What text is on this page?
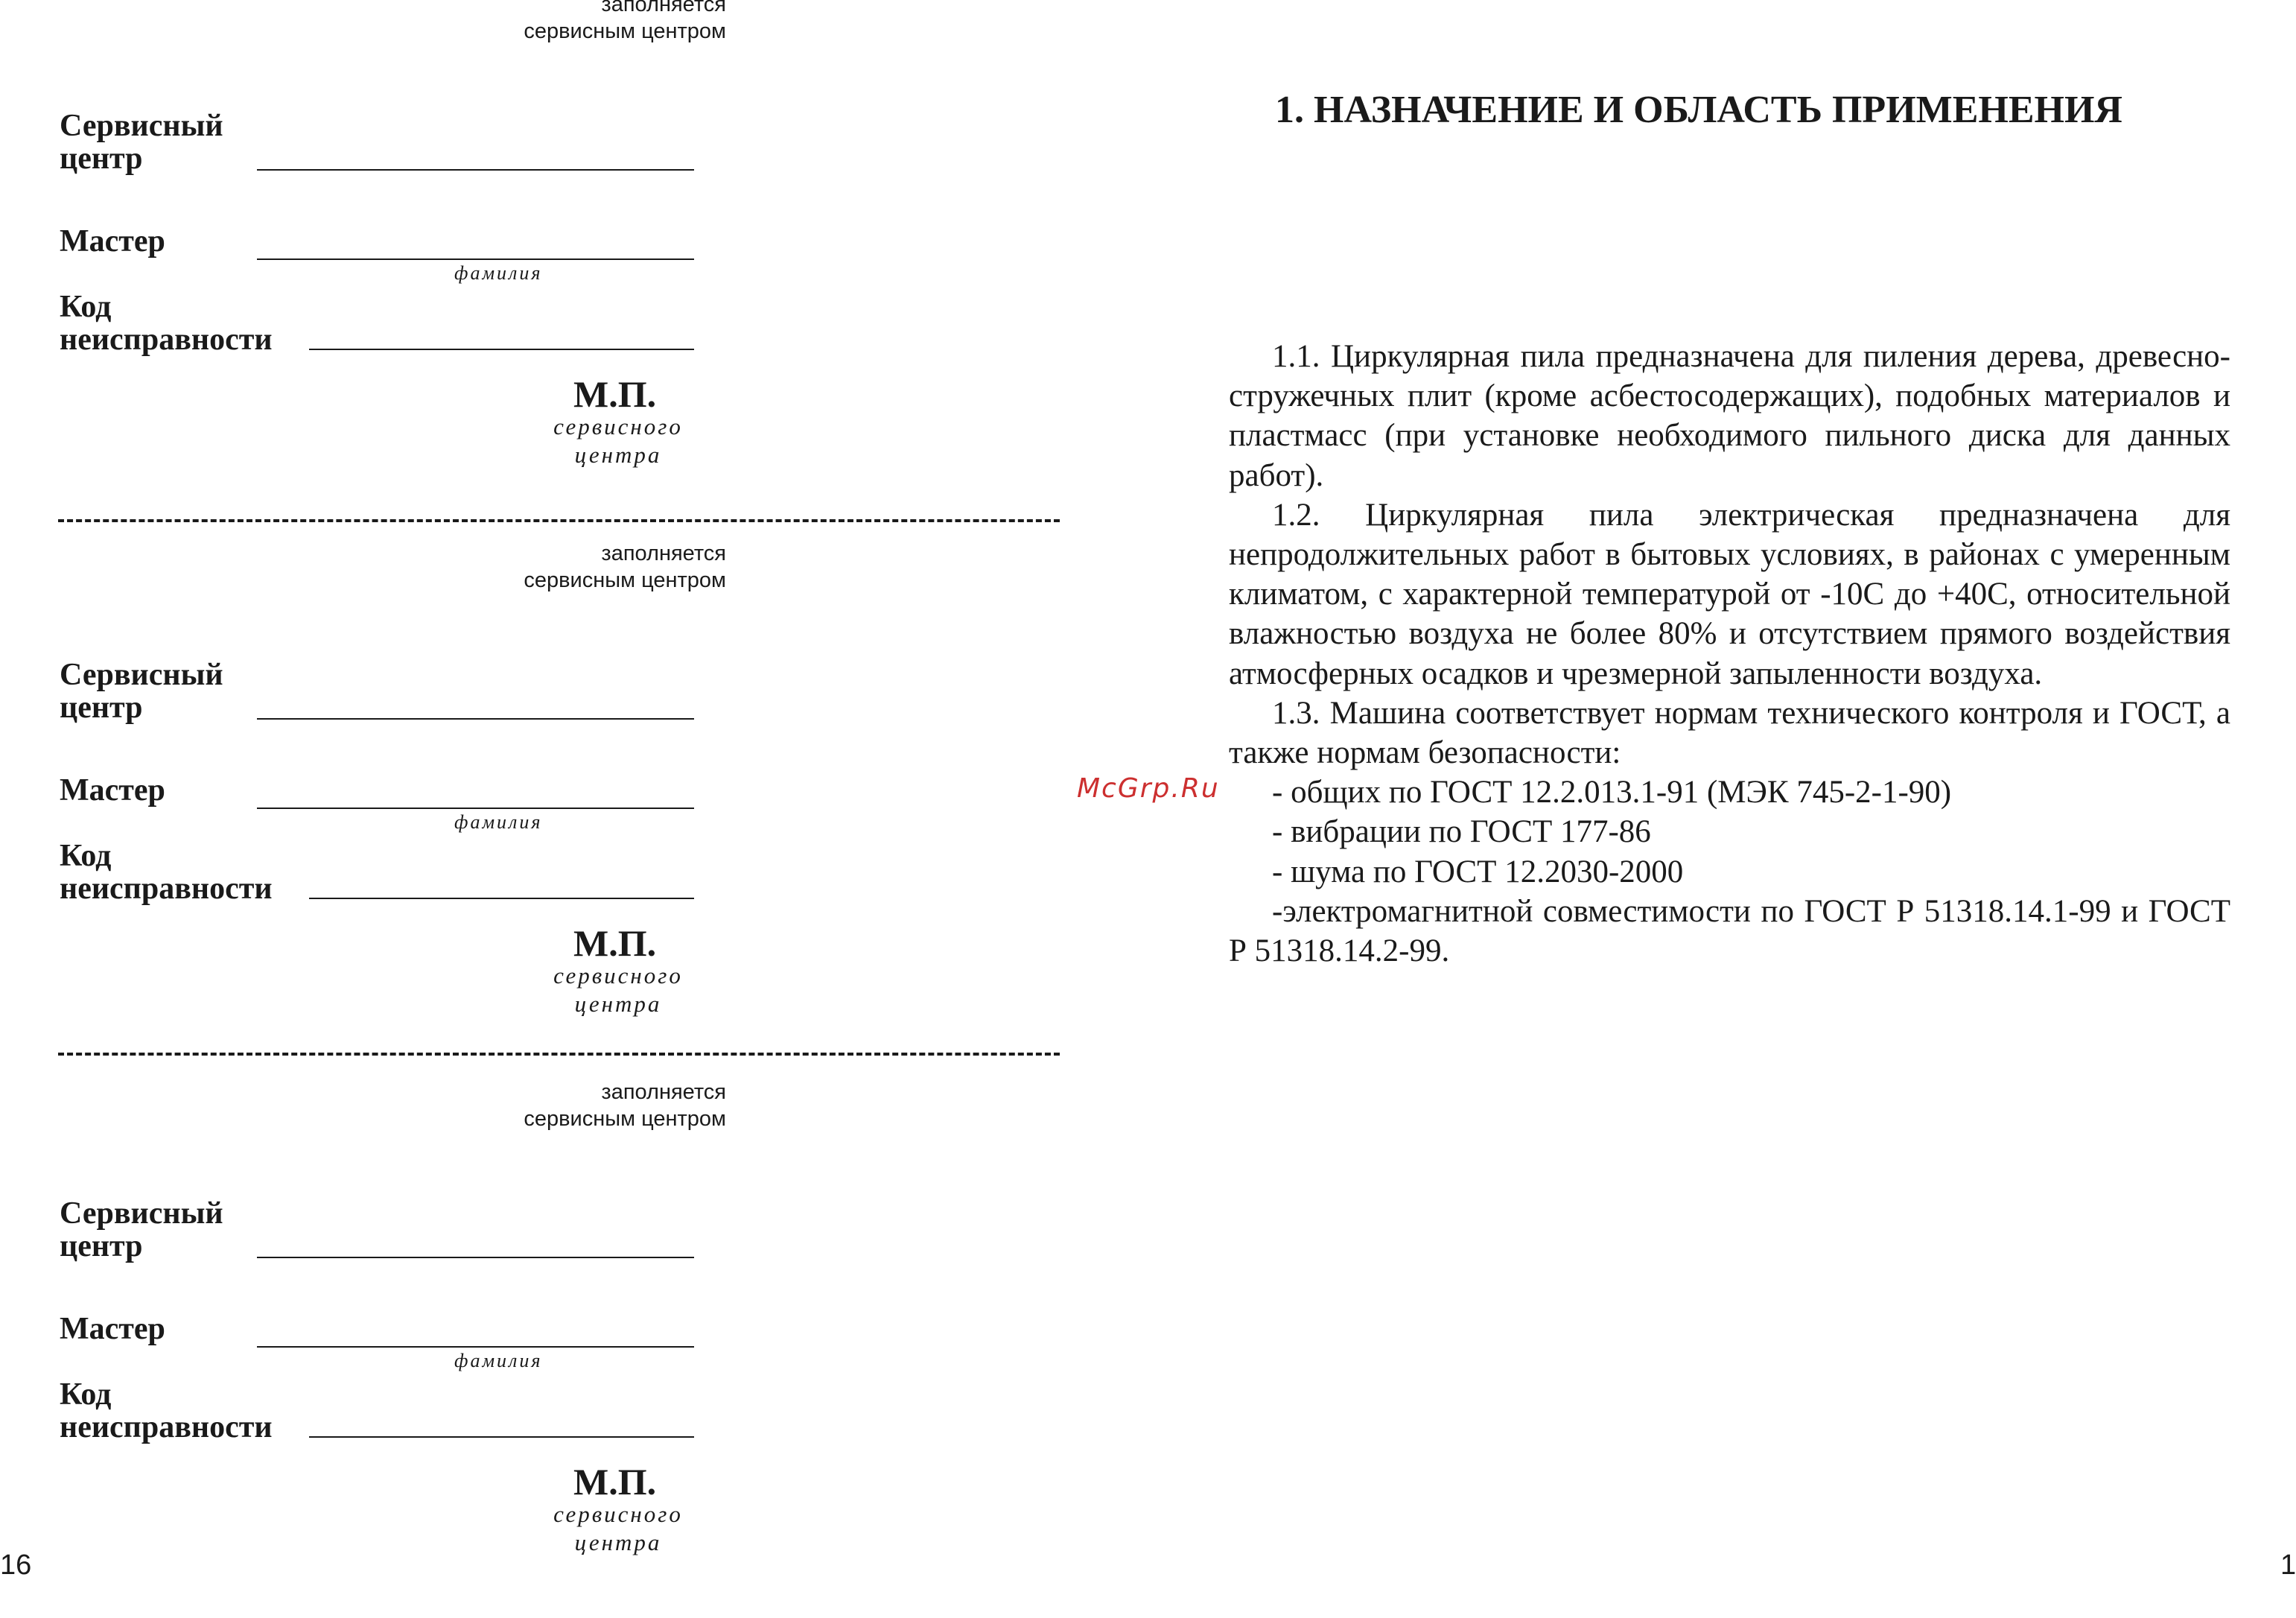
заполняется
сервисным центром
Сервисный
центр
Мастер
фамилия
Код
неисправности
М.П.
сервисного
центра
заполняется
сервисным центром
Сервисный
центр
Мастер
фамилия
Код
неисправности
М.П.
сервисного
центра
заполняется
сервисным центром
Сервисный
центр
Мастер
фамилия
Код
неисправности
М.П.
сервисного
центра
16
1. НАЗНАЧЕНИЕ И ОБЛАСТЬ ПРИМЕНЕНИЯ

1.1. Циркулярная пила предназначена для пиления дерева, древесно-стружечных плит (кроме асбестосодержащих), подобных материалов и пластмасс (при установке необходимого пильного диска для данных работ).

1.2. Циркулярная пила электрическая предназначена для непродолжительных работ в бытовых условиях, в районах с умеренным климатом, с характерной температурой от -10С до +40С, относительной влажностью воздуха не более 80% и отсутствием прямого воздействия атмосферных осадков и чрезмерной запыленности воздуха.

1.3. Машина соответствует нормам технического контроля и ГОСТ, а также нормам безопасности:

- общих по ГОСТ 12.2.013.1-91 (МЭК 745-2-1-90)

- вибрации по ГОСТ 177-86

- шума по ГОСТ 12.2030-2000

-электромагнитной совместимости по ГОСТ Р 51318.14.1-99 и ГОСТ Р 51318.14.2-99.

McGrp.Ru
1
